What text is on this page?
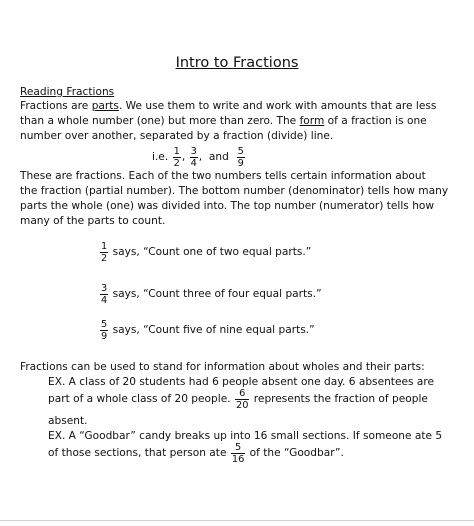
Intro to Fractions
Reading Fractions
Fractions are parts. We use them to write and work with amounts that are less
than a whole number (one) but more than zero. The form of a fraction is one
number over another, separated by a fraction (divide) line.
i.e. $\frac{1}{2}$ , $\frac{3}{4}$ ,  and $\frac{5}{9}$
These are fractions. Each of the two numbers tells certain information about
the fraction (partial number). The bottom number (denominator) tells how many
parts the whole (one) was divided into. The top number (numerator) tells how
many of the parts to count.
$\frac{1}{2}$ says, “Count one of two equal parts.”
$\frac{3}{4}$ says, “Count three of four equal parts.”
$\frac{5}{9}$ says, “Count five of nine equal parts.”
Fractions can be used to stand for information about wholes and their parts:
EX. A class of 20 students had 6 people absent one day. 6 absentees are
part of a whole class of 20 people. $\frac{6}{20}$ represents the fraction of people
absent.
EX. A “Goodbar” candy breaks up into 16 small sections. If someone ate 5
of those sections, that person ate $\frac{5}{16}$ of the “Goodbar”.
